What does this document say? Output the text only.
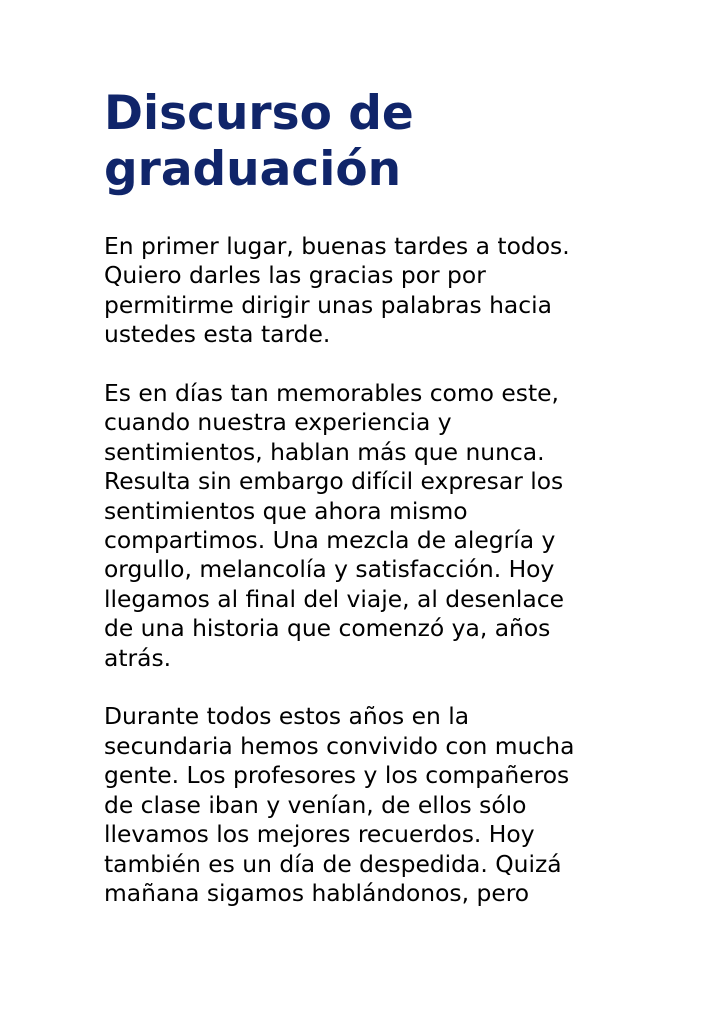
Discurso de
graduación

En primer lugar, buenas tardes a todos.
Quiero darles las gracias por por
permitirme dirigir unas palabras hacia
ustedes esta tarde.

Es en días tan memorables como este,
cuando nuestra experiencia y
sentimientos, hablan más que nunca.
Resulta sin embargo difícil expresar los
sentimientos que ahora mismo
compartimos. Una mezcla de alegría y
orgullo, melancolía y satisfacción. Hoy
llegamos al final del viaje, al desenlace
de una historia que comenzó ya, años
atrás.

Durante todos estos años en la
secundaria hemos convivido con mucha
gente. Los profesores y los compañeros
de clase iban y venían, de ellos sólo
llevamos los mejores recuerdos. Hoy
también es un día de despedida. Quizá
mañana sigamos hablándonos, pero
